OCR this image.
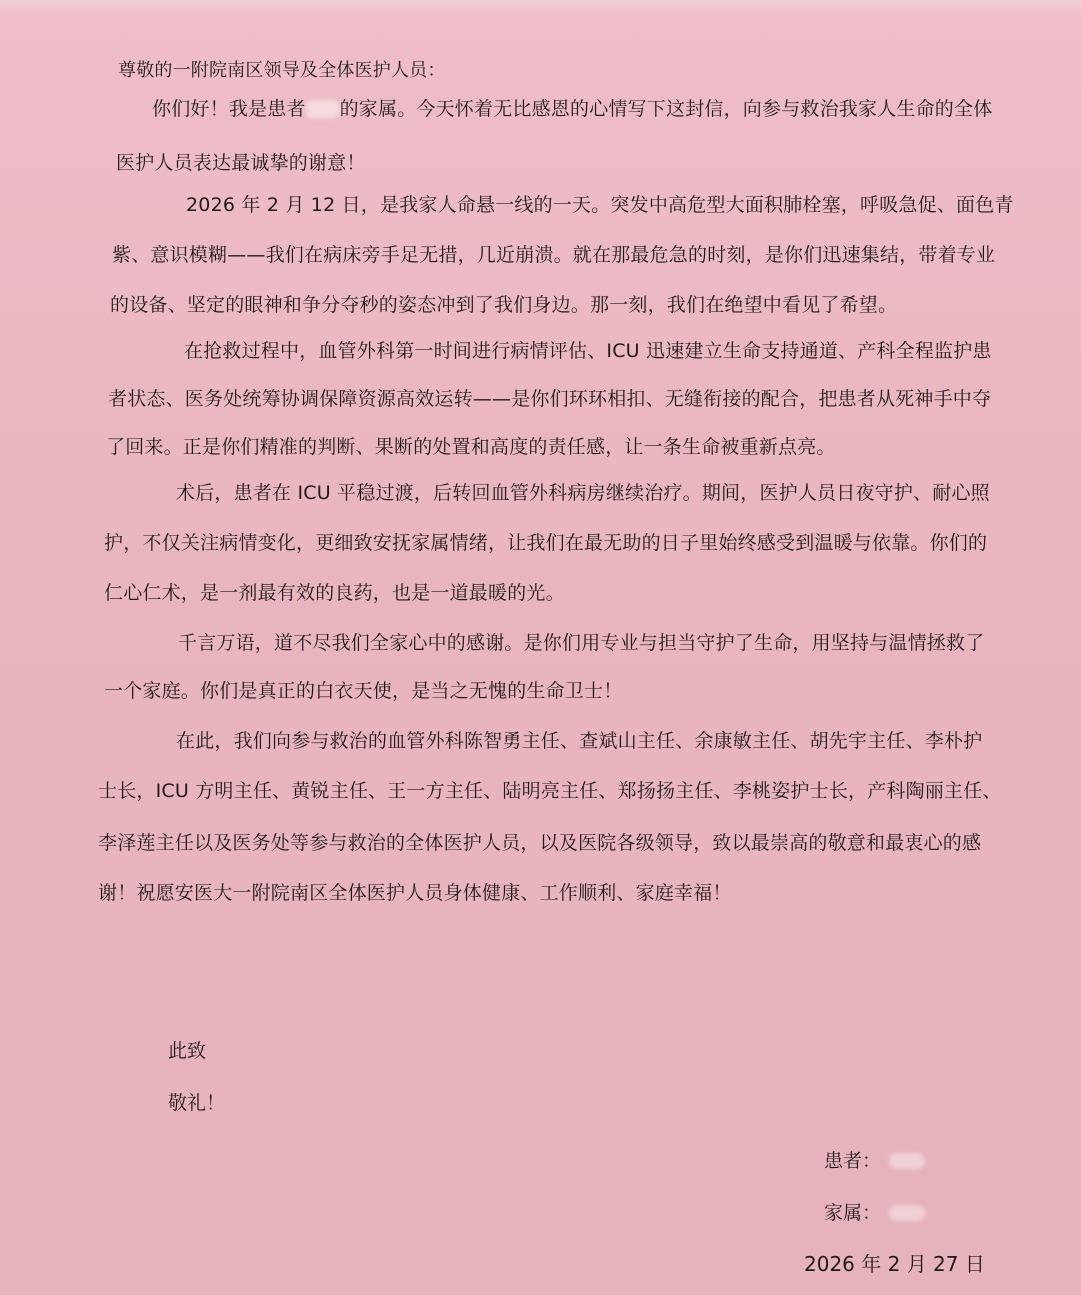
尊敬的一附院南区领导及全体医护人员：
你们好！我是患者 的家属。今天怀着无比感恩的心情写下这封信，向参与救治我家人生命的全体
医护人员表达最诚挚的谢意！
2026 年 2 月 12 日，是我家人命悬一线的一天。突发中高危型大面积肺栓塞，呼吸急促、面色青
紫、意识模糊——我们在病床旁手足无措，几近崩溃。就在那最危急的时刻，是你们迅速集结，带着专业
的设备、坚定的眼神和争分夺秒的姿态冲到了我们身边。那一刻，我们在绝望中看见了希望。
在抢救过程中，血管外科第一时间进行病情评估、ICU 迅速建立生命支持通道、产科全程监护患
者状态、医务处统筹协调保障资源高效运转——是你们环环相扣、无缝衔接的配合，把患者从死神手中夺
了回来。正是你们精准的判断、果断的处置和高度的责任感，让一条生命被重新点亮。
术后，患者在 ICU 平稳过渡，后转回血管外科病房继续治疗。期间，医护人员日夜守护、耐心照
护，不仅关注病情变化，更细致安抚家属情绪，让我们在最无助的日子里始终感受到温暖与依靠。你们的
仁心仁术，是一剂最有效的良药，也是一道最暖的光。
千言万语，道不尽我们全家心中的感谢。是你们用专业与担当守护了生命，用坚持与温情拯救了
一个家庭。你们是真正的白衣天使，是当之无愧的生命卫士！
在此，我们向参与救治的血管外科陈智勇主任、查斌山主任、余康敏主任、胡先宇主任、李朴护
士长，ICU 方明主任、黄锐主任、王一方主任、陆明亮主任、郑扬扬主任、李桃姿护士长，产科陶丽主任、
李泽莲主任以及医务处等参与救治的全体医护人员，以及医院各级领导，致以最崇高的敬意和最衷心的感
谢！祝愿安医大一附院南区全体医护人员身体健康、工作顺利、家庭幸福！
此致
敬礼！
患者：
家属：
2026 年 2 月 27 日
